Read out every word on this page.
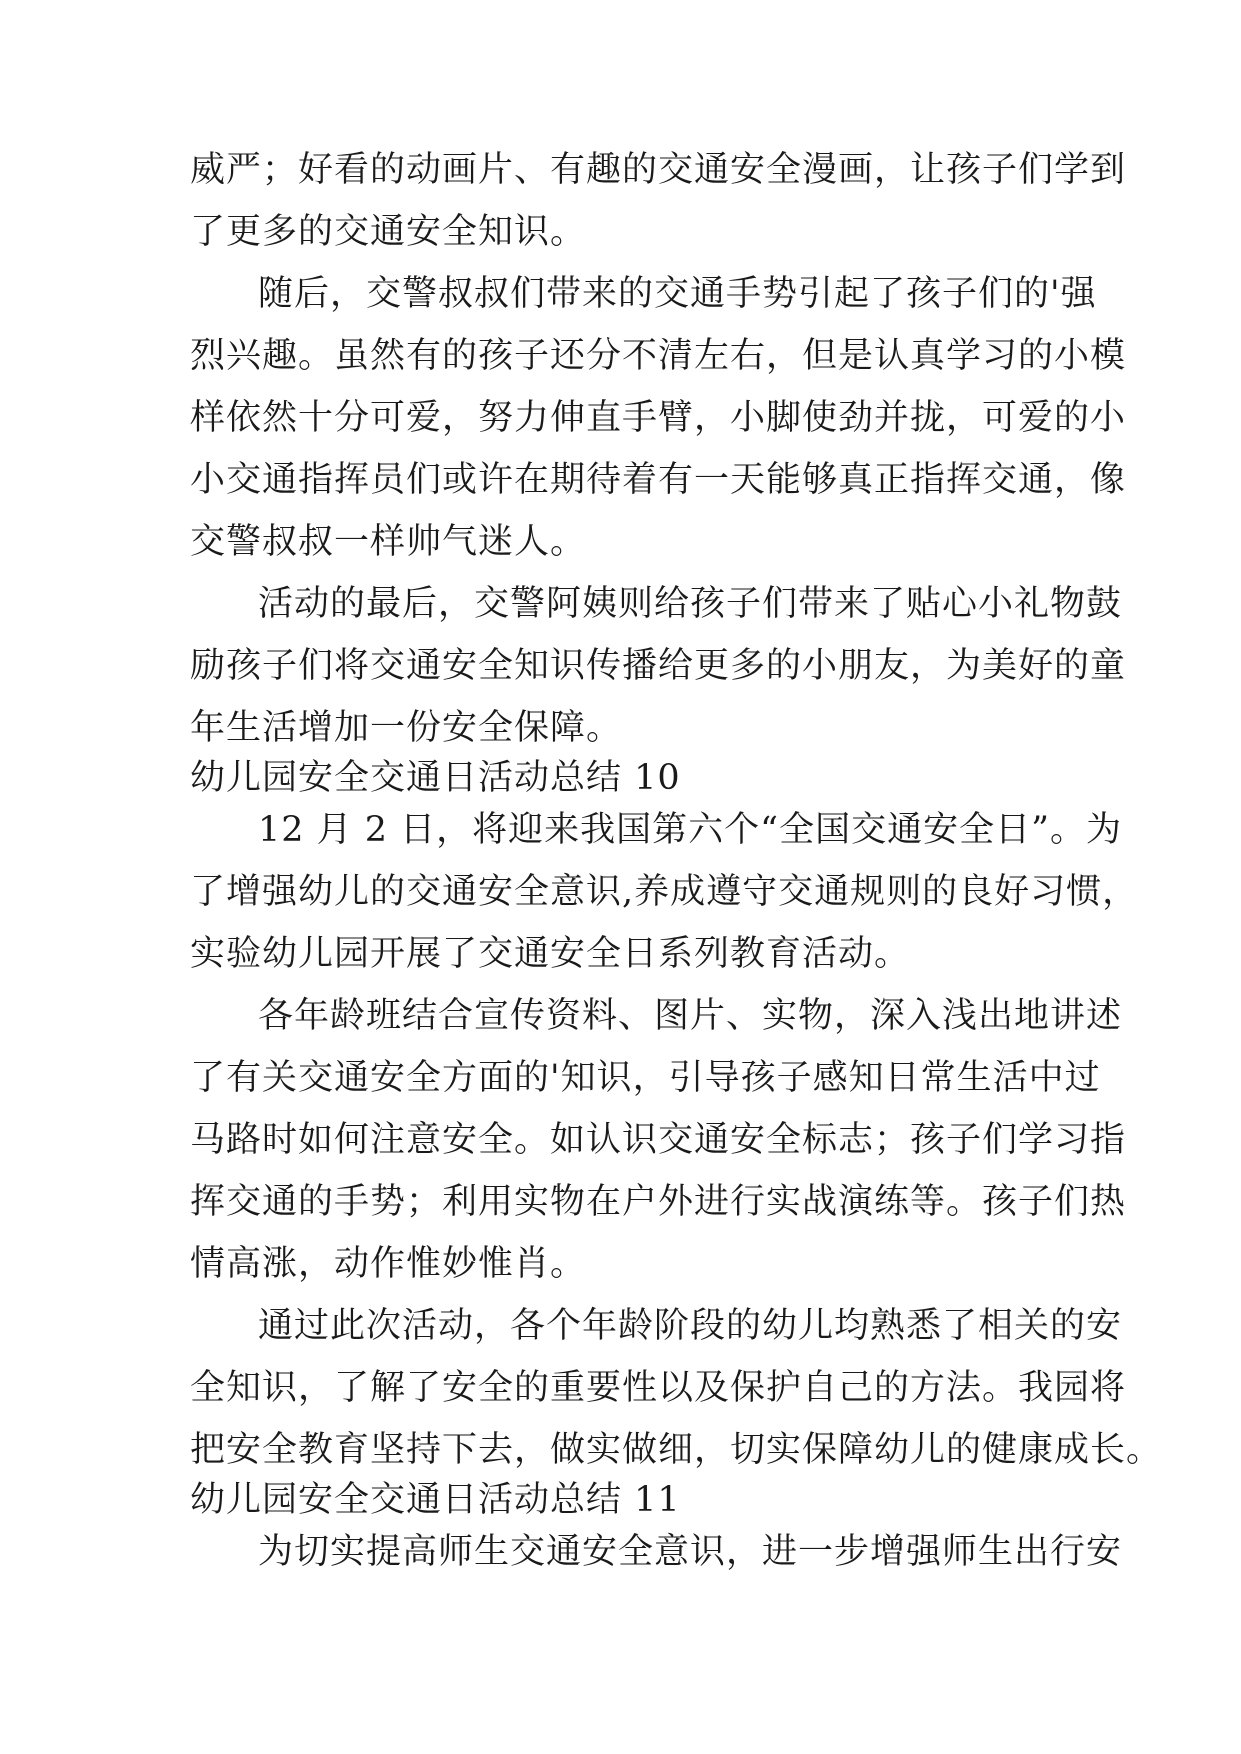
威严；好看的动画片、有趣的交通安全漫画，让孩子们学到
了更多的交通安全知识。
随后，交警叔叔们带来的交通手势引起了孩子们的'强
烈兴趣。虽然有的孩子还分不清左右，但是认真学习的小模
样依然十分可爱，努力伸直手臂，小脚使劲并拢，可爱的小
小交通指挥员们或许在期待着有一天能够真正指挥交通，像
交警叔叔一样帅气迷人。
活动的最后，交警阿姨则给孩子们带来了贴心小礼物鼓
励孩子们将交通安全知识传播给更多的小朋友，为美好的童
年生活增加一份安全保障。
幼儿园安全交通日活动总结 10
12 月 2 日，将迎来我国第六个“全国交通安全日”。为
了增强幼儿的交通安全意识,养成遵守交通规则的良好习惯，
实验幼儿园开展了交通安全日系列教育活动。
各年龄班结合宣传资料、图片、实物，深入浅出地讲述
了有关交通安全方面的'知识，引导孩子感知日常生活中过
马路时如何注意安全。如认识交通安全标志；孩子们学习指
挥交通的手势；利用实物在户外进行实战演练等。孩子们热
情高涨，动作惟妙惟肖。
通过此次活动，各个年龄阶段的幼儿均熟悉了相关的安
全知识，了解了安全的重要性以及保护自己的方法。我园将
把安全教育坚持下去，做实做细，切实保障幼儿的健康成长。
幼儿园安全交通日活动总结 11
为切实提高师生交通安全意识，进一步增强师生出行安
